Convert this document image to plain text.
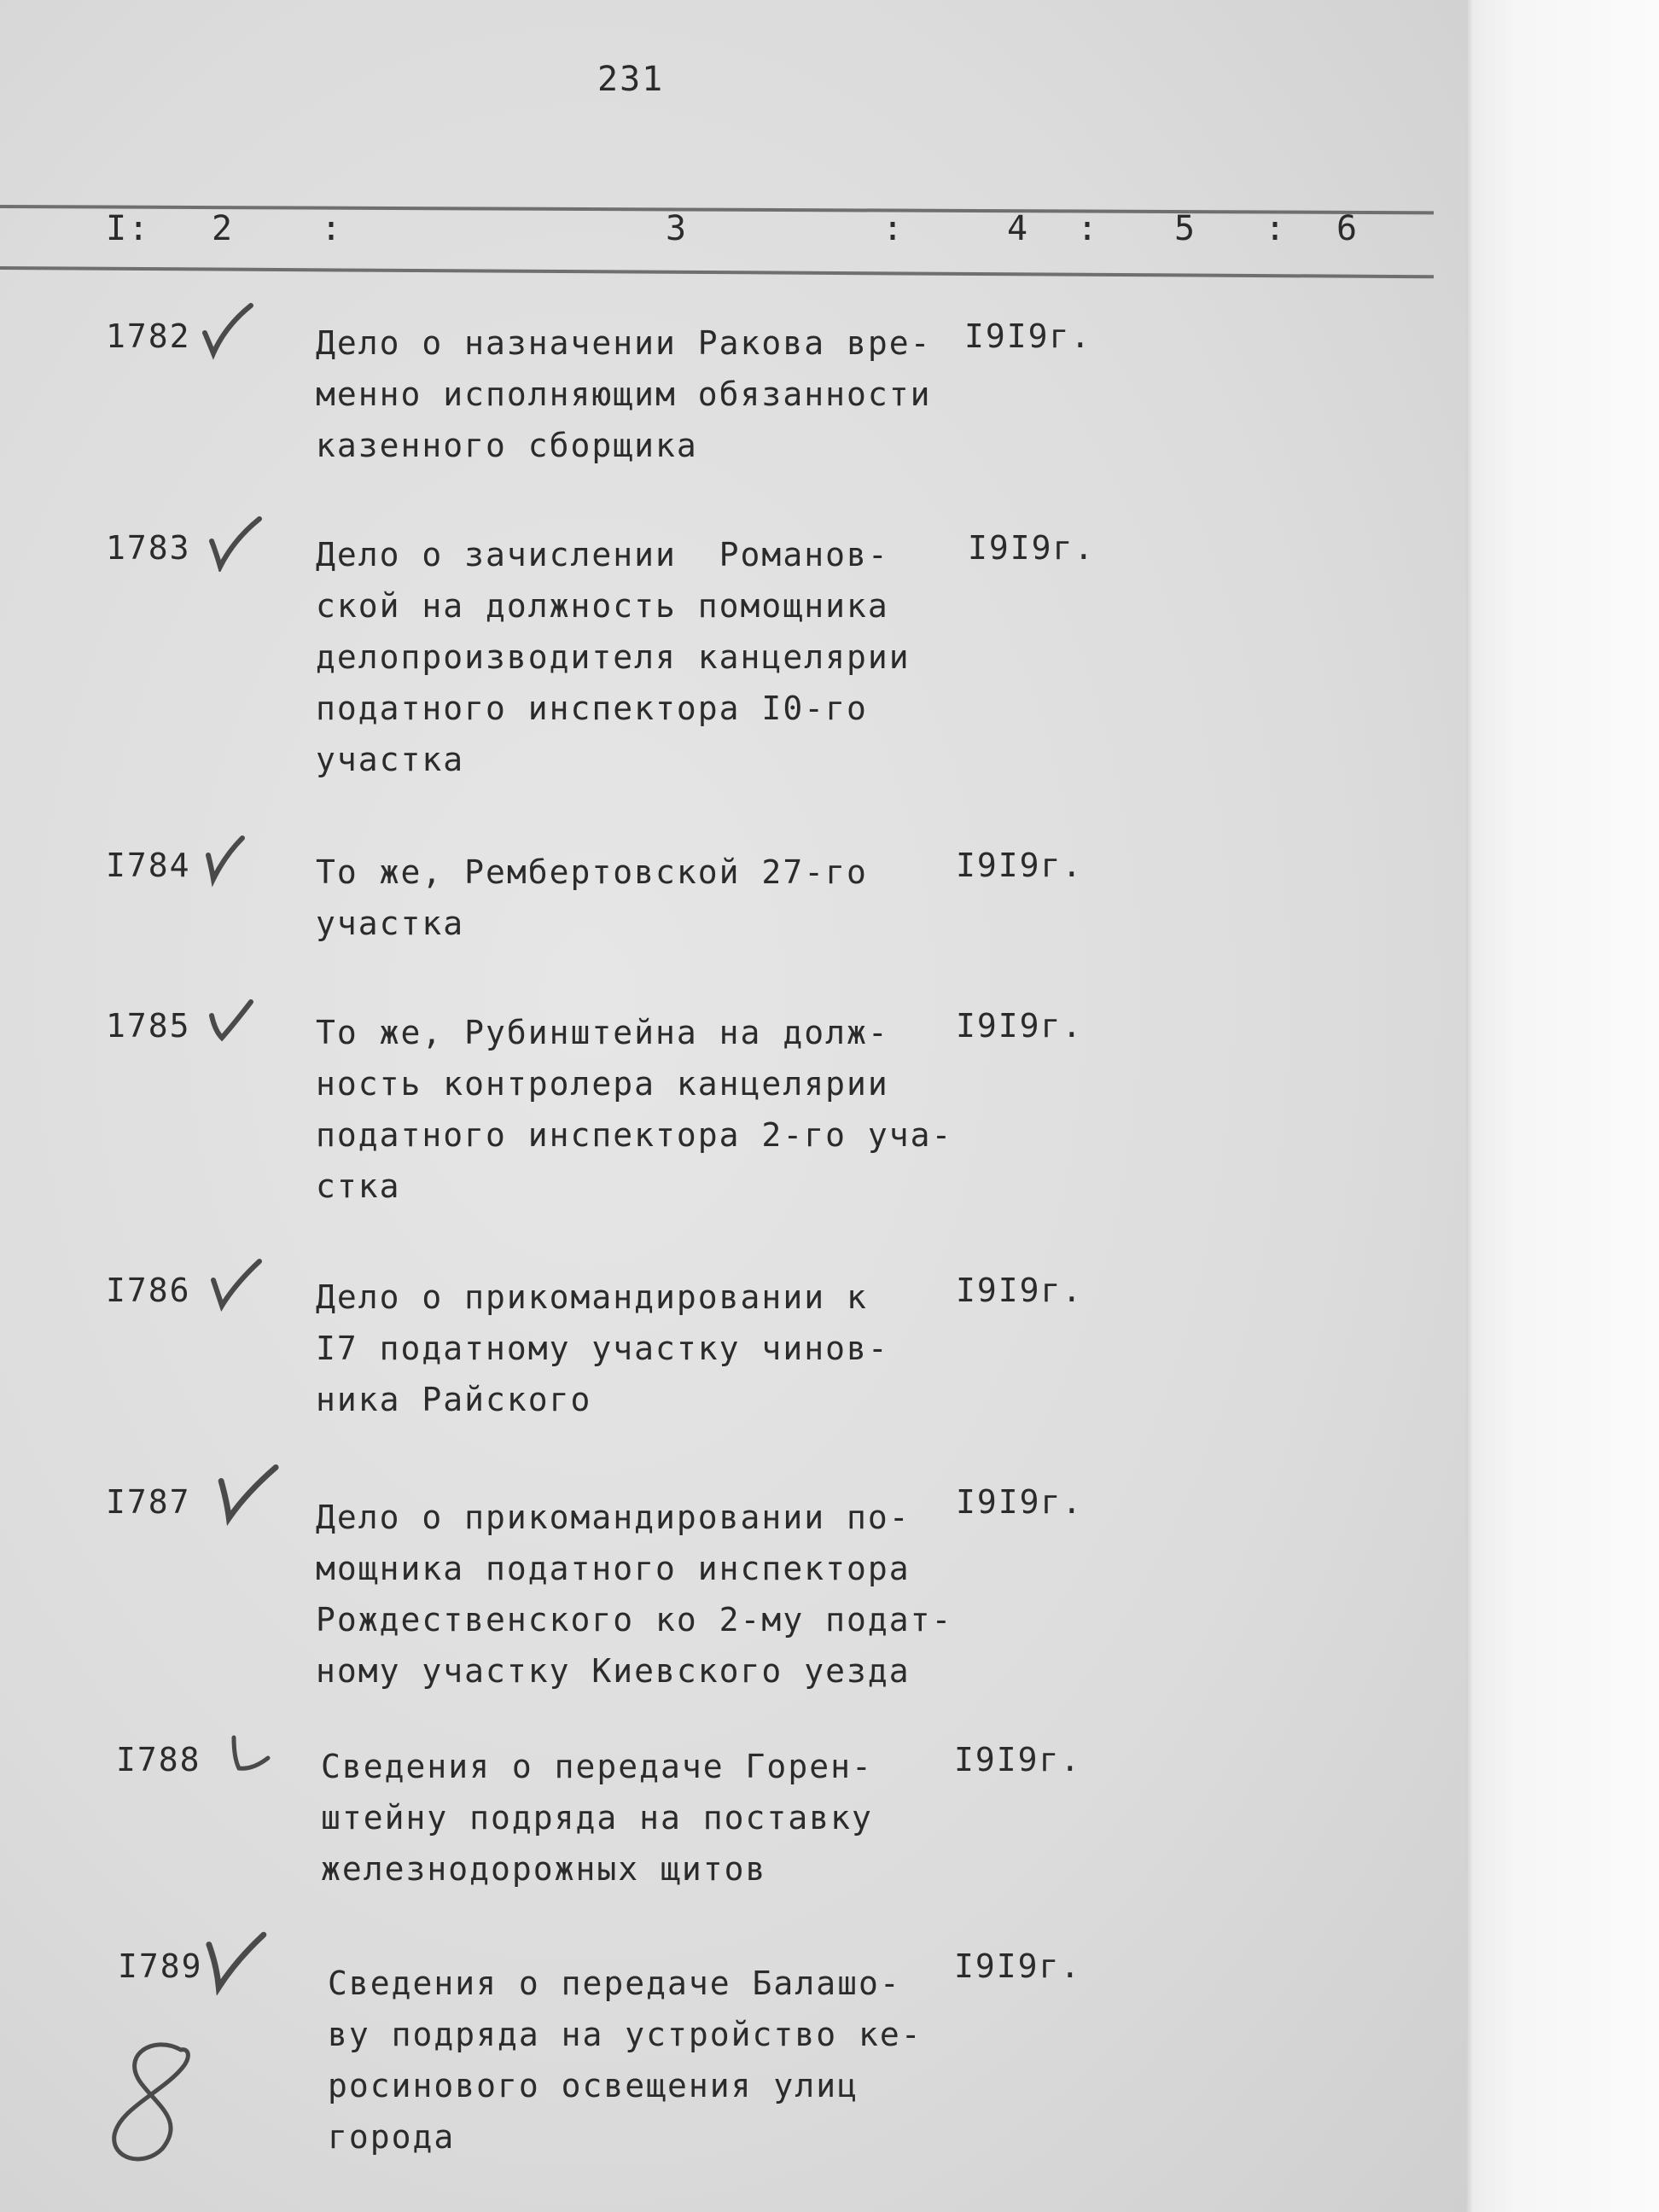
231
I: 2	:	3	:	4 : 5 : 6
1782	Дело о назначении Ракова вре-
менно исполняющим обязанности
казенного сборщика
I9I9г.
1783	Дело о зачислении  Романов-
ской на должность помощника
делопроизводителя канцелярии
податного инспектора I0-го
участка
I9I9г.
I784	То же, Рембертовской 27-го
участка
I9I9г.
1785	То же, Рубинштейна на долж-
ность контролера канцелярии
податного инспектора 2-го уча-
стка
I9I9г.
I786	Дело о прикомандировании к
I7 податному участку чинов-
ника Райского
I9I9г.
I787	Дело о прикомандировании по-
мощника податного инспектора
Рождественского ко 2-му подат-
ному участку Киевского уезда
I9I9г.
I788	Сведения о передаче Горен-
штейну подряда на поставку
железнодорожных щитов
I9I9г.
I789	Сведения о передаче Балашо-
ву подряда на устройство ке-
росинового освещения улиц
города
I9I9г.
